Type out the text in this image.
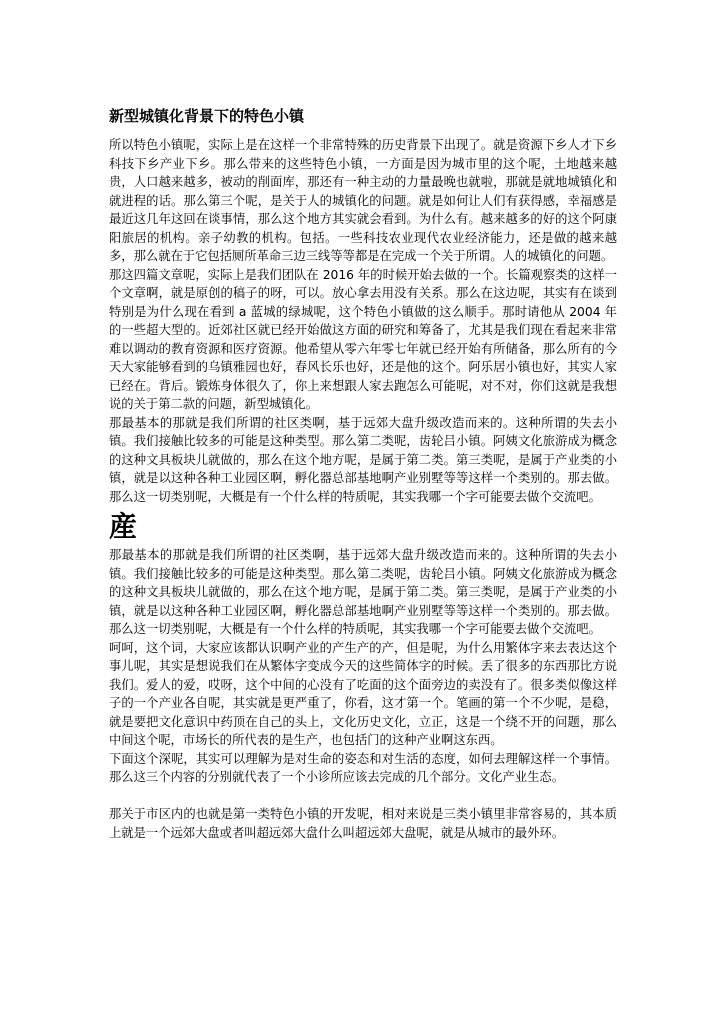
新型城镇化背景下的特色小镇

所以特色小镇呢，实际上是在这样一个非常特殊的历史背景下出现了。就是资源下乡人才下乡科技下乡产业下乡。那么带来的这些特色小镇，一方面是因为城市里的这个呢，土地越来越贵，人口越来越多，被动的削面库，那还有一种主动的力量最晚也就啦，那就是就地城镇化和就进程的话。那么第三个呢，是关于人的城镇化的问题。就是如何让人们有获得感，幸福感是最近这几年这回在谈事情，那么这个地方其实就会看到。为什么有。越来越多的好的这个阿康阳旅居的机构。亲子幼教的机构。包括。一些科技农业现代农业经济能力，还是做的越来越多，那么就在于它包括厕所革命三边三线等等都是在完成一个关于所谓。人的城镇化的问题。

那这四篇文章呢，实际上是我们团队在 2016 年的时候开始去做的一个。长篇观察类的这样一个文章啊，就是原创的稿子的呀，可以。放心拿去用没有关系。那么在这边呢，其实有在谈到特别是为什么现在看到 a 蓝城的绿城呢，这个特色小镇做的这么顺手。那时请他从 2004 年的一些超大型的。近郊社区就已经开始做这方面的研究和筹备了，尤其是我们现在看起来非常难以调动的教育资源和医疗资源。他希望从零六年零七年就已经开始有所储备，那么所有的今天大家能够看到的乌镇雅园也好，春风长乐也好，还是他的这个。阿乐居小镇也好，其实人家已经在。背后。锻炼身体很久了，你上来想跟人家去跑怎么可能呢，对不对，你们这就是我想说的关于第二款的问题，新型城镇化。

那最基本的那就是我们所谓的社区类啊，基于远郊大盘升级改造而来的。这种所谓的失去小镇。我们接触比较多的可能是这种类型。那么第二类呢，齿轮吕小镇。阿姨文化旅游成为概念的这种文具板块儿就做的，那么在这个地方呢，是属于第二类。第三类呢，是属于产业类的小镇，就是以这种各种工业园区啊，孵化器总部基地啊产业别墅等等这样一个类别的。那去做。那么这一切类别呢，大概是有一个什么样的特质呢，其实我哪一个字可能要去做个交流吧。

産

那最基本的那就是我们所谓的社区类啊，基于远郊大盘升级改造而来的。这种所谓的失去小镇。我们接触比较多的可能是这种类型。那么第二类呢，齿轮吕小镇。阿姨文化旅游成为概念的这种文具板块儿就做的，那么在这个地方呢，是属于第二类。第三类呢，是属于产业类的小镇，就是以这种各种工业园区啊，孵化器总部基地啊产业别墅等等这样一个类别的。那去做。那么这一切类别呢，大概是有一个什么样的特质呢，其实我哪一个字可能要去做个交流吧。

呵呵，这个词，大家应该都认识啊产业的产生产的产，但是呢，为什么用繁体字来去表达这个事儿呢，其实是想说我们在从繁体字变成今天的这些简体字的时候。丢了很多的东西那比方说我们。爱人的爱，哎呀，这个中间的心没有了吃面的这个面旁边的卖没有了。很多类似像这样子的一个产业各自呢，其实就是更严重了，你看，这才第一个。笔画的第一个不少呢，是稳，就是要把文化意识中药顶在自己的头上，文化历史文化，立正，这是一个绕不开的问题，那么中间这个呢，市场长的所代表的是生产，也包括门的这种产业啊这东西。

下面这个深呢，其实可以理解为是对生命的姿态和对生活的态度，如何去理解这样一个事情。那么这三个内容的分别就代表了一个小诊所应该去完成的几个部分。文化产业生态。

那关于市区内的也就是第一类特色小镇的开发呢，相对来说是三类小镇里非常容易的，其本质上就是一个远郊大盘或者叫超远郊大盘什么叫超远郊大盘呢，就是从城市的最外环。
